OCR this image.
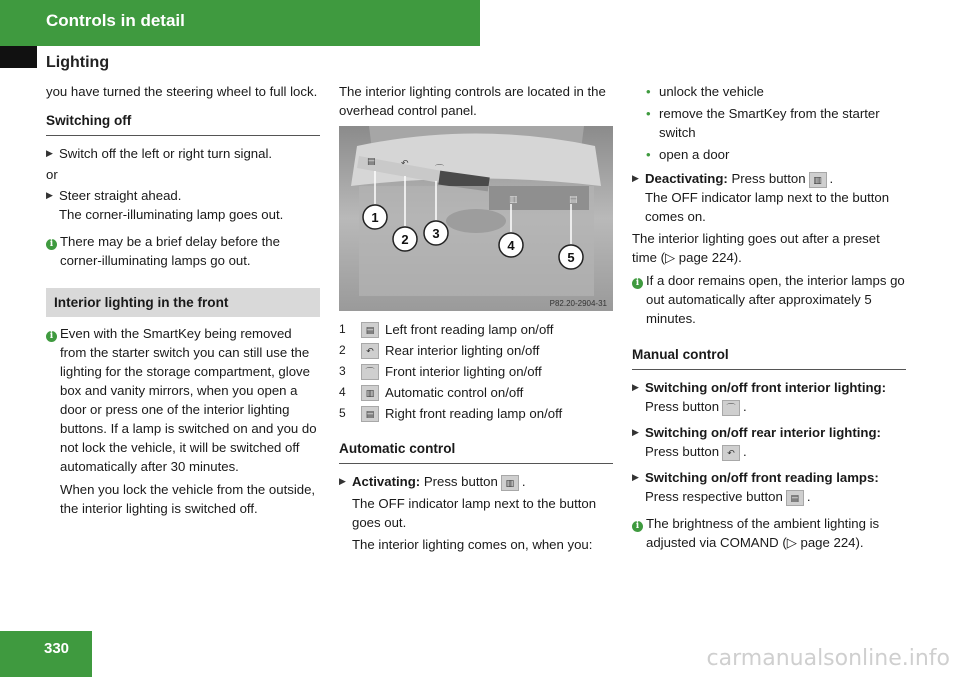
Controls in detail
Lighting

you have turned the steering wheel to full lock.

Switching off

▶ Switch off the left or right turn signal.

or

▶ Steer straight ahead.

The corner-illuminating lamp goes out.

i There may be a brief delay before the corner-illuminating lamps go out.
Interior lighting in the front
i Even with the SmartKey being removed from the starter switch you can still use the lighting for the storage compartment, glove box and vanity mirrors, when you open a door or press one of the interior lighting buttons. If a lamp is switched on and you do not lock the vehicle, it will be switched off automatically after 30 minutes.

When you lock the vehicle from the outside, the interior lighting is switched off.

The interior lighting controls are located in the overhead control panel.

▤	↶
⌒
▥	▤
1
2 3
4
5
P82.20-2904-31
1	▤ Left front reading lamp on/off
2	↶ Rear interior lighting on/off
3	⌒ Front interior lighting on/off
4	▥ Automatic control on/off
5	▤ Right front reading lamp on/off

Automatic control

▶ Activating: Press button ▥ .

The OFF indicator lamp next to the button goes out.

The interior lighting comes on, when you:

• unlock the vehicle
• remove the SmartKey from the starter switch
• open a door
▶ Deactivating: Press button ▥ .

The OFF indicator lamp next to the button comes on.

The interior lighting goes out after a preset time (▷ page 224).

i If a door remains open, the interior lamps go out automatically after approximately 5 minutes.

Manual control

▶ Switching on/off front interior lighting: Press button ⌒ .

▶ Switching on/off rear interior lighting: Press button ↶ .

▶ Switching on/off front reading lamps: Press respective button ▤ .

i The brightness of the ambient lighting is adjusted via COMAND (▷ page 224).
330	carmanualsonline.info
